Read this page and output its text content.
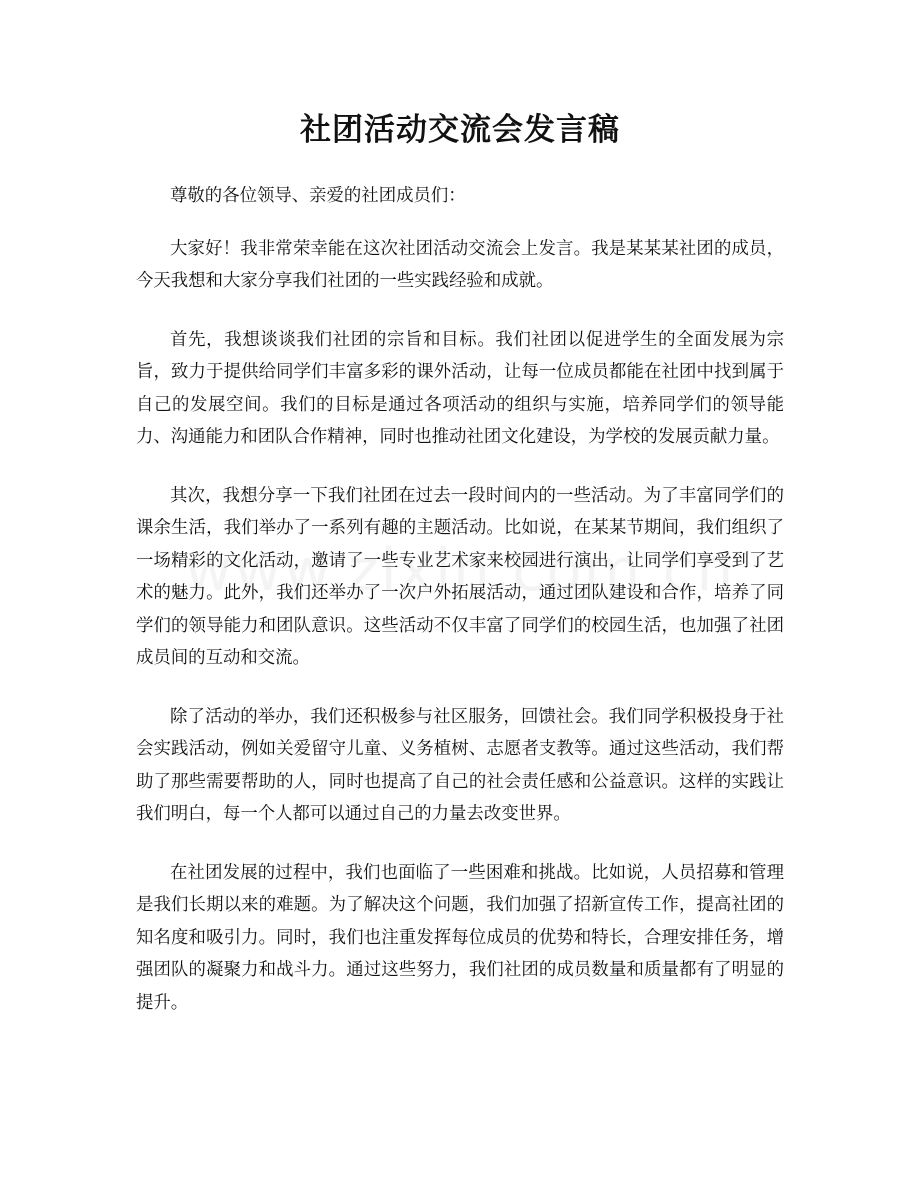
社团活动交流会发言稿

尊敬的各位领导、亲爱的社团成员们：

大家好！我非常荣幸能在这次社团活动交流会上发言。我是某某某社团的成员，今天我想和大家分享我们社团的一些实践经验和成就。

首先，我想谈谈我们社团的宗旨和目标。我们社团以促进学生的全面发展为宗旨，致力于提供给同学们丰富多彩的课外活动，让每一位成员都能在社团中找到属于自己的发展空间。我们的目标是通过各项活动的组织与实施，培养同学们的领导能力、沟通能力和团队合作精神，同时也推动社团文化建设，为学校的发展贡献力量。

其次，我想分享一下我们社团在过去一段时间内的一些活动。为了丰富同学们的课余生活，我们举办了一系列有趣的主题活动。比如说，在某某节期间，我们组织了一场精彩的文化活动，邀请了一些专业艺术家来校园进行演出，让同学们享受到了艺术的魅力。此外，我们还举办了一次户外拓展活动，通过团队建设和合作，培养了同学们的领导能力和团队意识。这些活动不仅丰富了同学们的校园生活，也加强了社团成员间的互动和交流。

除了活动的举办，我们还积极参与社区服务，回馈社会。我们同学积极投身于社会实践活动，例如关爱留守儿童、义务植树、志愿者支教等。通过这些活动，我们帮助了那些需要帮助的人，同时也提高了自己的社会责任感和公益意识。这样的实践让我们明白，每一个人都可以通过自己的力量去改变世界。

在社团发展的过程中，我们也面临了一些困难和挑战。比如说，人员招募和管理是我们长期以来的难题。为了解决这个问题，我们加强了招新宣传工作，提高社团的知名度和吸引力。同时，我们也注重发挥每位成员的优势和特长，合理安排任务，增强团队的凝聚力和战斗力。通过这些努力，我们社团的成员数量和质量都有了明显的提升。
